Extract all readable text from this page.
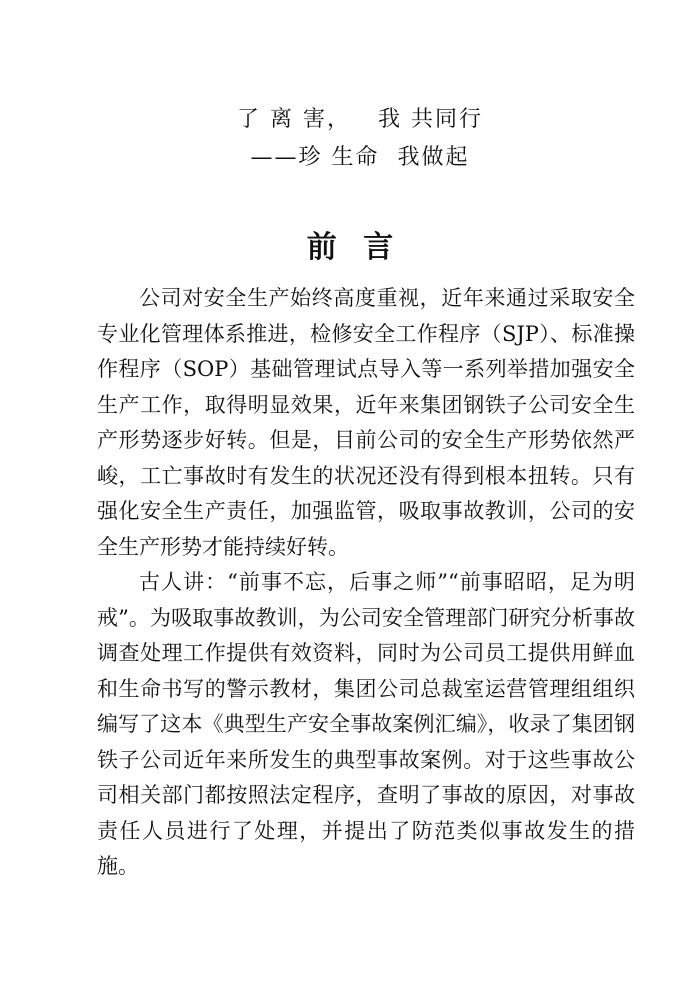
了 离 害，   我 共同行
——珍 生命  我做起
前 言

公司对安全生产始终高度重视，近年来通过采取安全专业化管理体系推进，检修安全工作程序（SJP）、标准操作程序（SOP）基础管理试点导入等一系列举措加强安全生产工作，取得明显效果，近年来集团钢铁子公司安全生产形势逐步好转。但是，目前公司的安全生产形势依然严峻，工亡事故时有发生的状况还没有得到根本扭转。只有强化安全生产责任，加强监管，吸取事故教训，公司的安全生产形势才能持续好转。

古人讲：“前事不忘，后事之师”“前事昭昭，足为明戒”。为吸取事故教训，为公司安全管理部门研究分析事故调查处理工作提供有效资料，同时为公司员工提供用鲜血和生命书写的警示教材，集团公司总裁室运营管理组组织编写了这本《典型生产安全事故案例汇编》，收录了集团钢铁子公司近年来所发生的典型事故案例。对于这些事故公司相关部门都按照法定程序，查明了事故的原因，对事故责任人员进行了处理，并提出了防范类似事故发生的措施。
